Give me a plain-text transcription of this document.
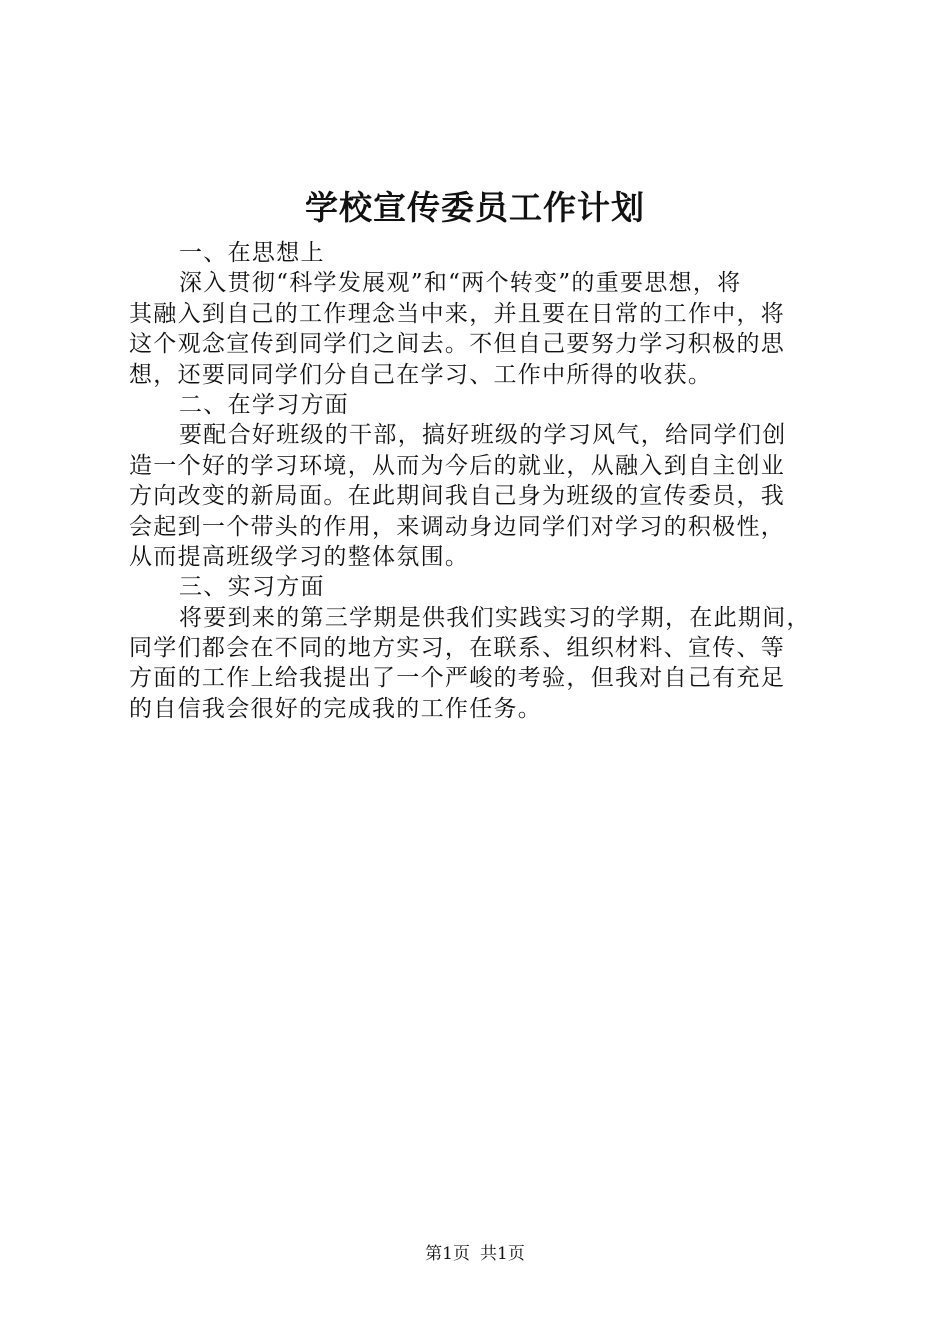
学校宣传委员工作计划
一、在思想上
深入贯彻“科学发展观”和“两个转变”的重要思想，将
其融入到自己的工作理念当中来，并且要在日常的工作中，将
这个观念宣传到同学们之间去。不但自己要努力学习积极的思
想，还要同同学们分自己在学习、工作中所得的收获。
二、在学习方面
要配合好班级的干部，搞好班级的学习风气，给同学们创
造一个好的学习环境，从而为今后的就业，从融入到自主创业
方向改变的新局面。在此期间我自己身为班级的宣传委员，我
会起到一个带头的作用，来调动身边同学们对学习的积极性，
从而提高班级学习的整体氛围。
三、实习方面
将要到来的第三学期是供我们实践实习的学期，在此期间，
同学们都会在不同的地方实习，在联系、组织材料、宣传、等
方面的工作上给我提出了一个严峻的考验，但我对自己有充足
的自信我会很好的完成我的工作任务。
第1页 共1页
